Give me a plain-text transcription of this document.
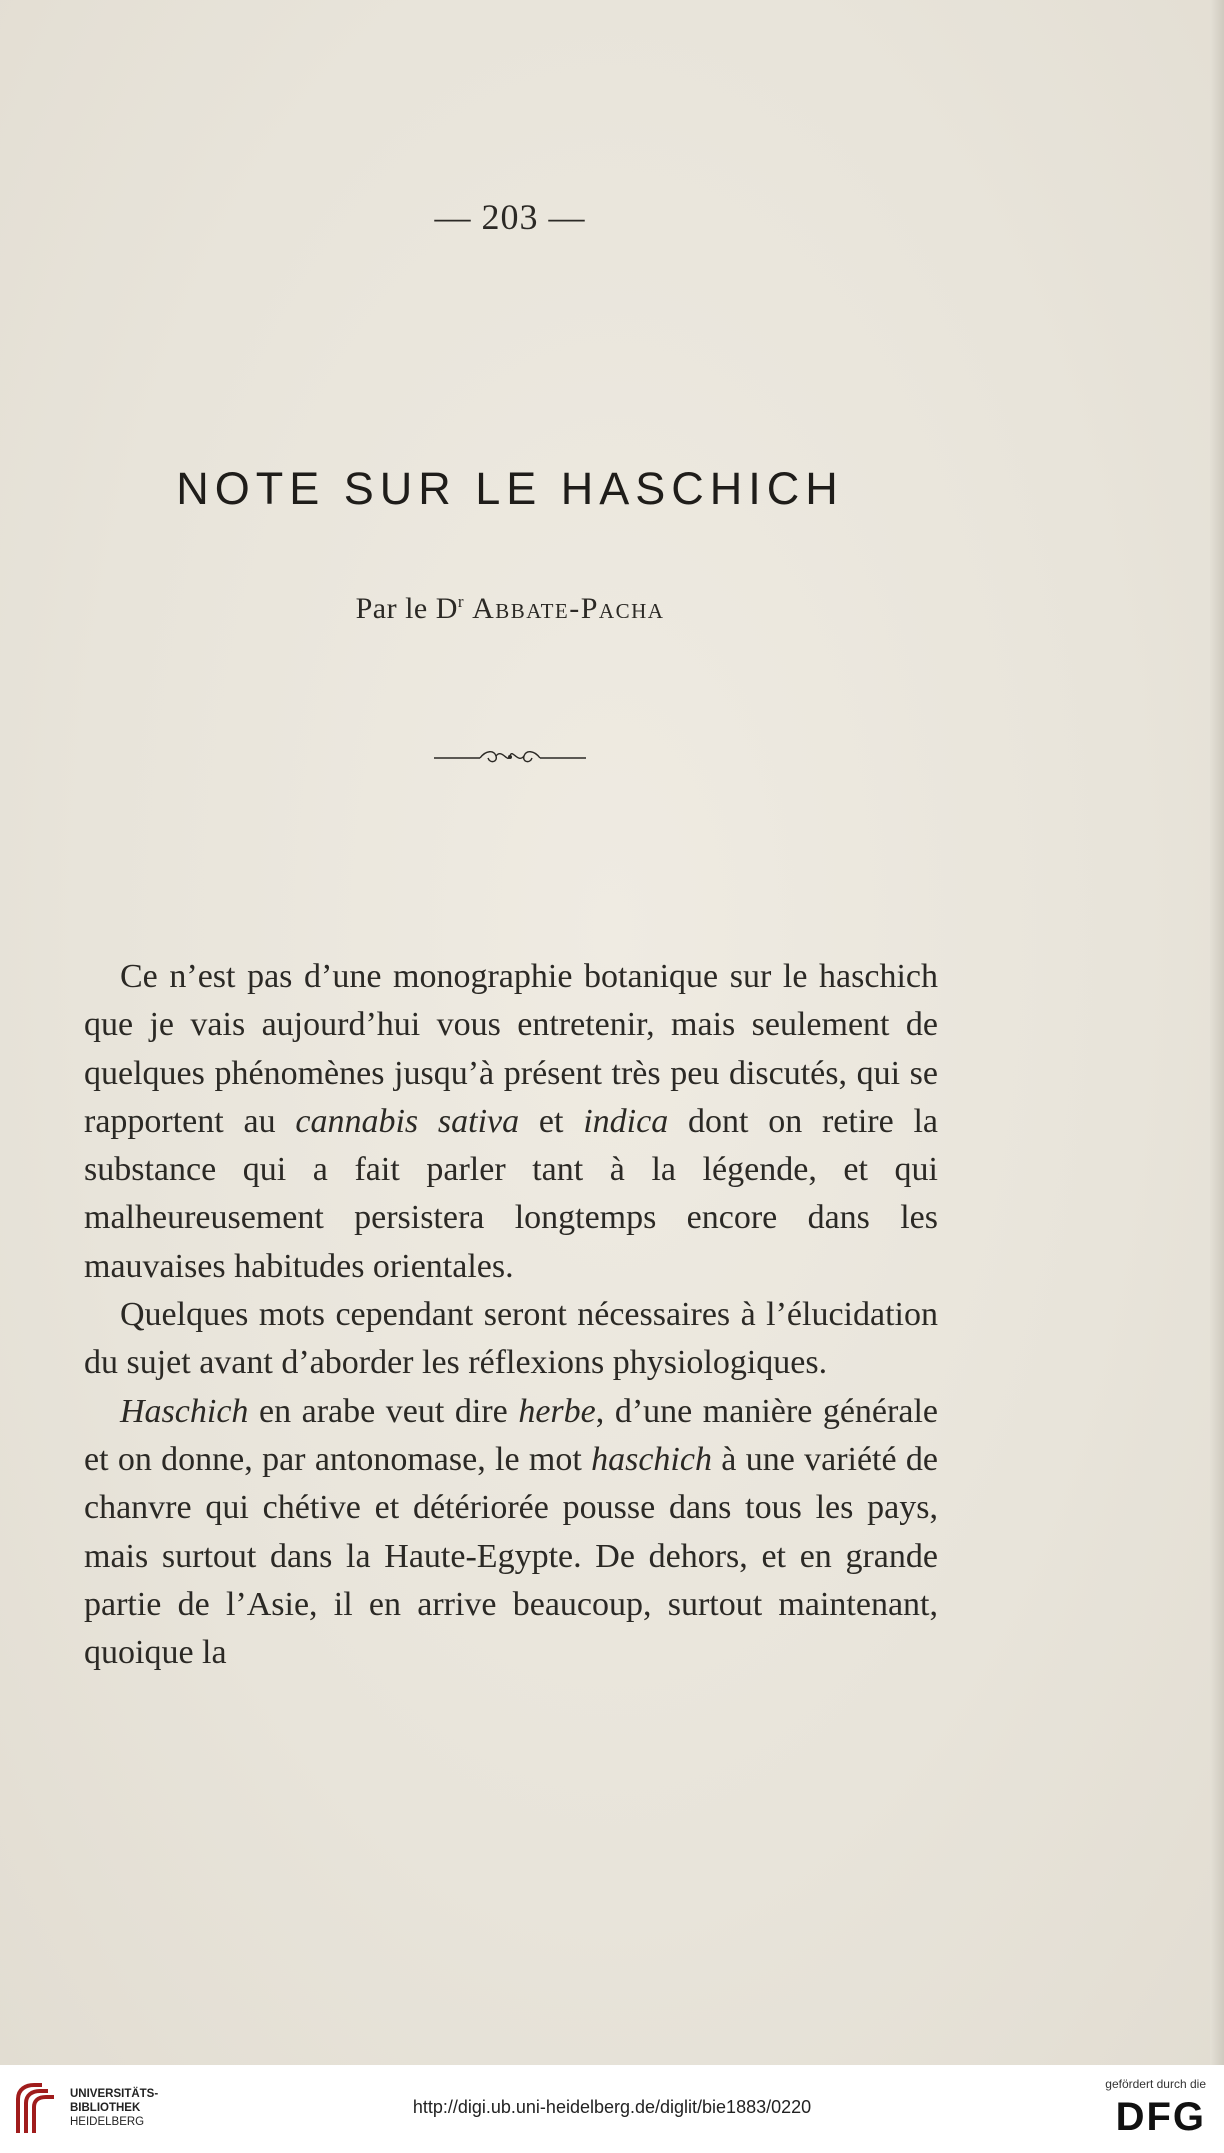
— 203 —
NOTE SUR LE HASCHICH
Par le $D^r$ Abbate-Pacha

Ce n’est pas d’une monographie botanique sur le haschich que je vais aujourd’hui vous entretenir, mais seulement de quelques phénomènes jusqu’à présent très peu discutés, qui se rapportent au cannabis sativa et indica dont on retire la substance qui a fait parler tant à la légende, et qui malheureusement persistera longtemps encore dans les mauvaises habitudes orientales.

Quelques mots cependant seront nécessaires à l’élucidation du sujet avant d’aborder les réflexions physiologiques.

Haschich en arabe veut dire herbe, d’une manière générale et on donne, par antonomase, le mot haschich à une variété de chanvre qui chétive et détériorée pousse dans tous les pays, mais surtout dans la Haute-Egypte. De dehors, et en grande partie de l’Asie, il en arrive beaucoup, surtout maintenant, quoique la

UNIVERSITÄTS-
BIBLIOTHEK
HEIDELBERG
http://digi.ub.uni-heidelberg.de/diglit/bie1883/0220
gefördert durch die
DFG
